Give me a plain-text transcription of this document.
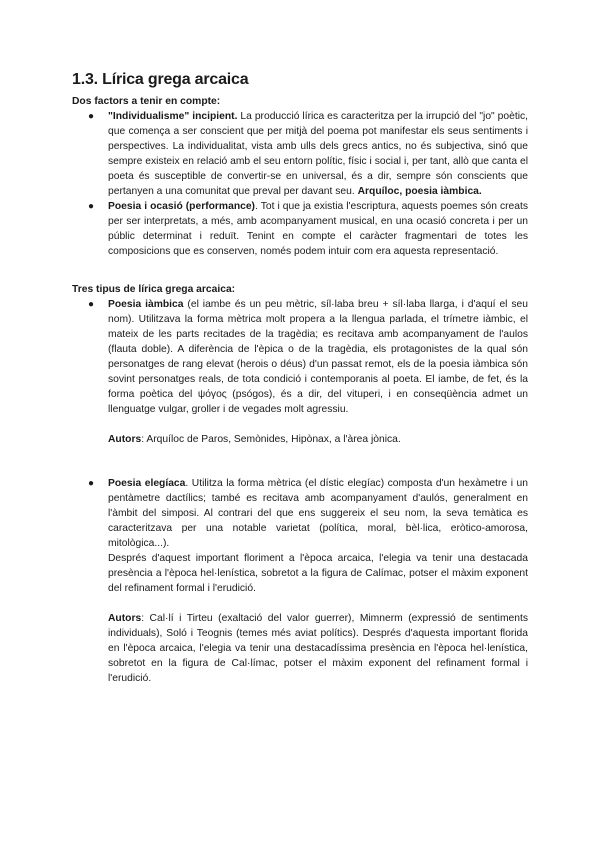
1.3. Lírica grega arcaica

Dos factors a tenir en compte:

● "Individualisme" incipient. La producció lírica es caracteritza per la irrupció del "jo" poètic, que comença a ser conscient que per mitjà del poema pot manifestar els seus sentiments i perspectives. La individualitat, vista amb ulls dels grecs antics, no és subjectiva, sinó que sempre existeix en relació amb el seu entorn polític, físic i social i, per tant, allò que canta el poeta és susceptible de convertir-se en universal, és a dir, sempre són conscients que pertanyen a una comunitat que preval per davant seu. Arquíloc, poesia iàmbica.
● Poesia i ocasió (performance). Tot i que ja existia l'escriptura, aquests poemes són creats per ser interpretats, a més, amb acompanyament musical, en una ocasió concreta i per un públic determinat i reduït. Tenint en compte el caràcter fragmentari de totes les composicions que es conserven, només podem intuir com era aquesta representació.

Tres tipus de lírica grega arcaica:

● Poesia iàmbica (el iambe és un peu mètric, síl·laba breu + síl·laba llarga, i d'aquí el seu nom). Utilitzava la forma mètrica molt propera a la llengua parlada, el trímetre iàmbic, el mateix de les parts recitades de la tragèdia; es recitava amb acompanyament de l'aulos (flauta doble). A diferència de l'èpica o de la tragèdia, els protagonistes de la qual són personatges de rang elevat (herois o déus) d'un passat remot, els de la poesia iàmbica són sovint personatges reals, de tota condició i contemporanis al poeta. El iambe, de fet, és la forma poètica del ψόγος (psógos), és a dir, del vituperi, i en conseqüència admet un llenguatge vulgar, groller i de vegades molt agressiu.

Autors: Arquíloc de Paros, Semònides, Hipònax, a l'àrea jònica.

● Poesia elegíaca. Utilitza la forma mètrica (el dístic elegíac) composta d'un hexàmetre i un pentàmetre dactílics; també es recitava amb acompanyament d'aulós, generalment en l'àmbit del simposi. Al contrari del que ens suggereix el seu nom, la seva temàtica es caracteritzava per una notable varietat (política, moral, bèl·lica, eròtico-amorosa, mitològica...).

Després d'aquest important floriment a l'època arcaica, l'elegia va tenir una destacada presència a l'època hel·lenística, sobretot a la figura de Calímac, potser el màxim exponent del refinament formal i l'erudició.

Autors: Cal·lí i Tirteu (exaltació del valor guerrer), Mimnerm (expressió de sentiments individuals), Soló i Teognis (temes més aviat polítics). Després d'aquesta important florida en l'època arcaica, l'elegia va tenir una destacadíssima presència en l'època hel·lenística, sobretot en la figura de Cal·límac, potser el màxim exponent del refinament formal i l'erudició.
